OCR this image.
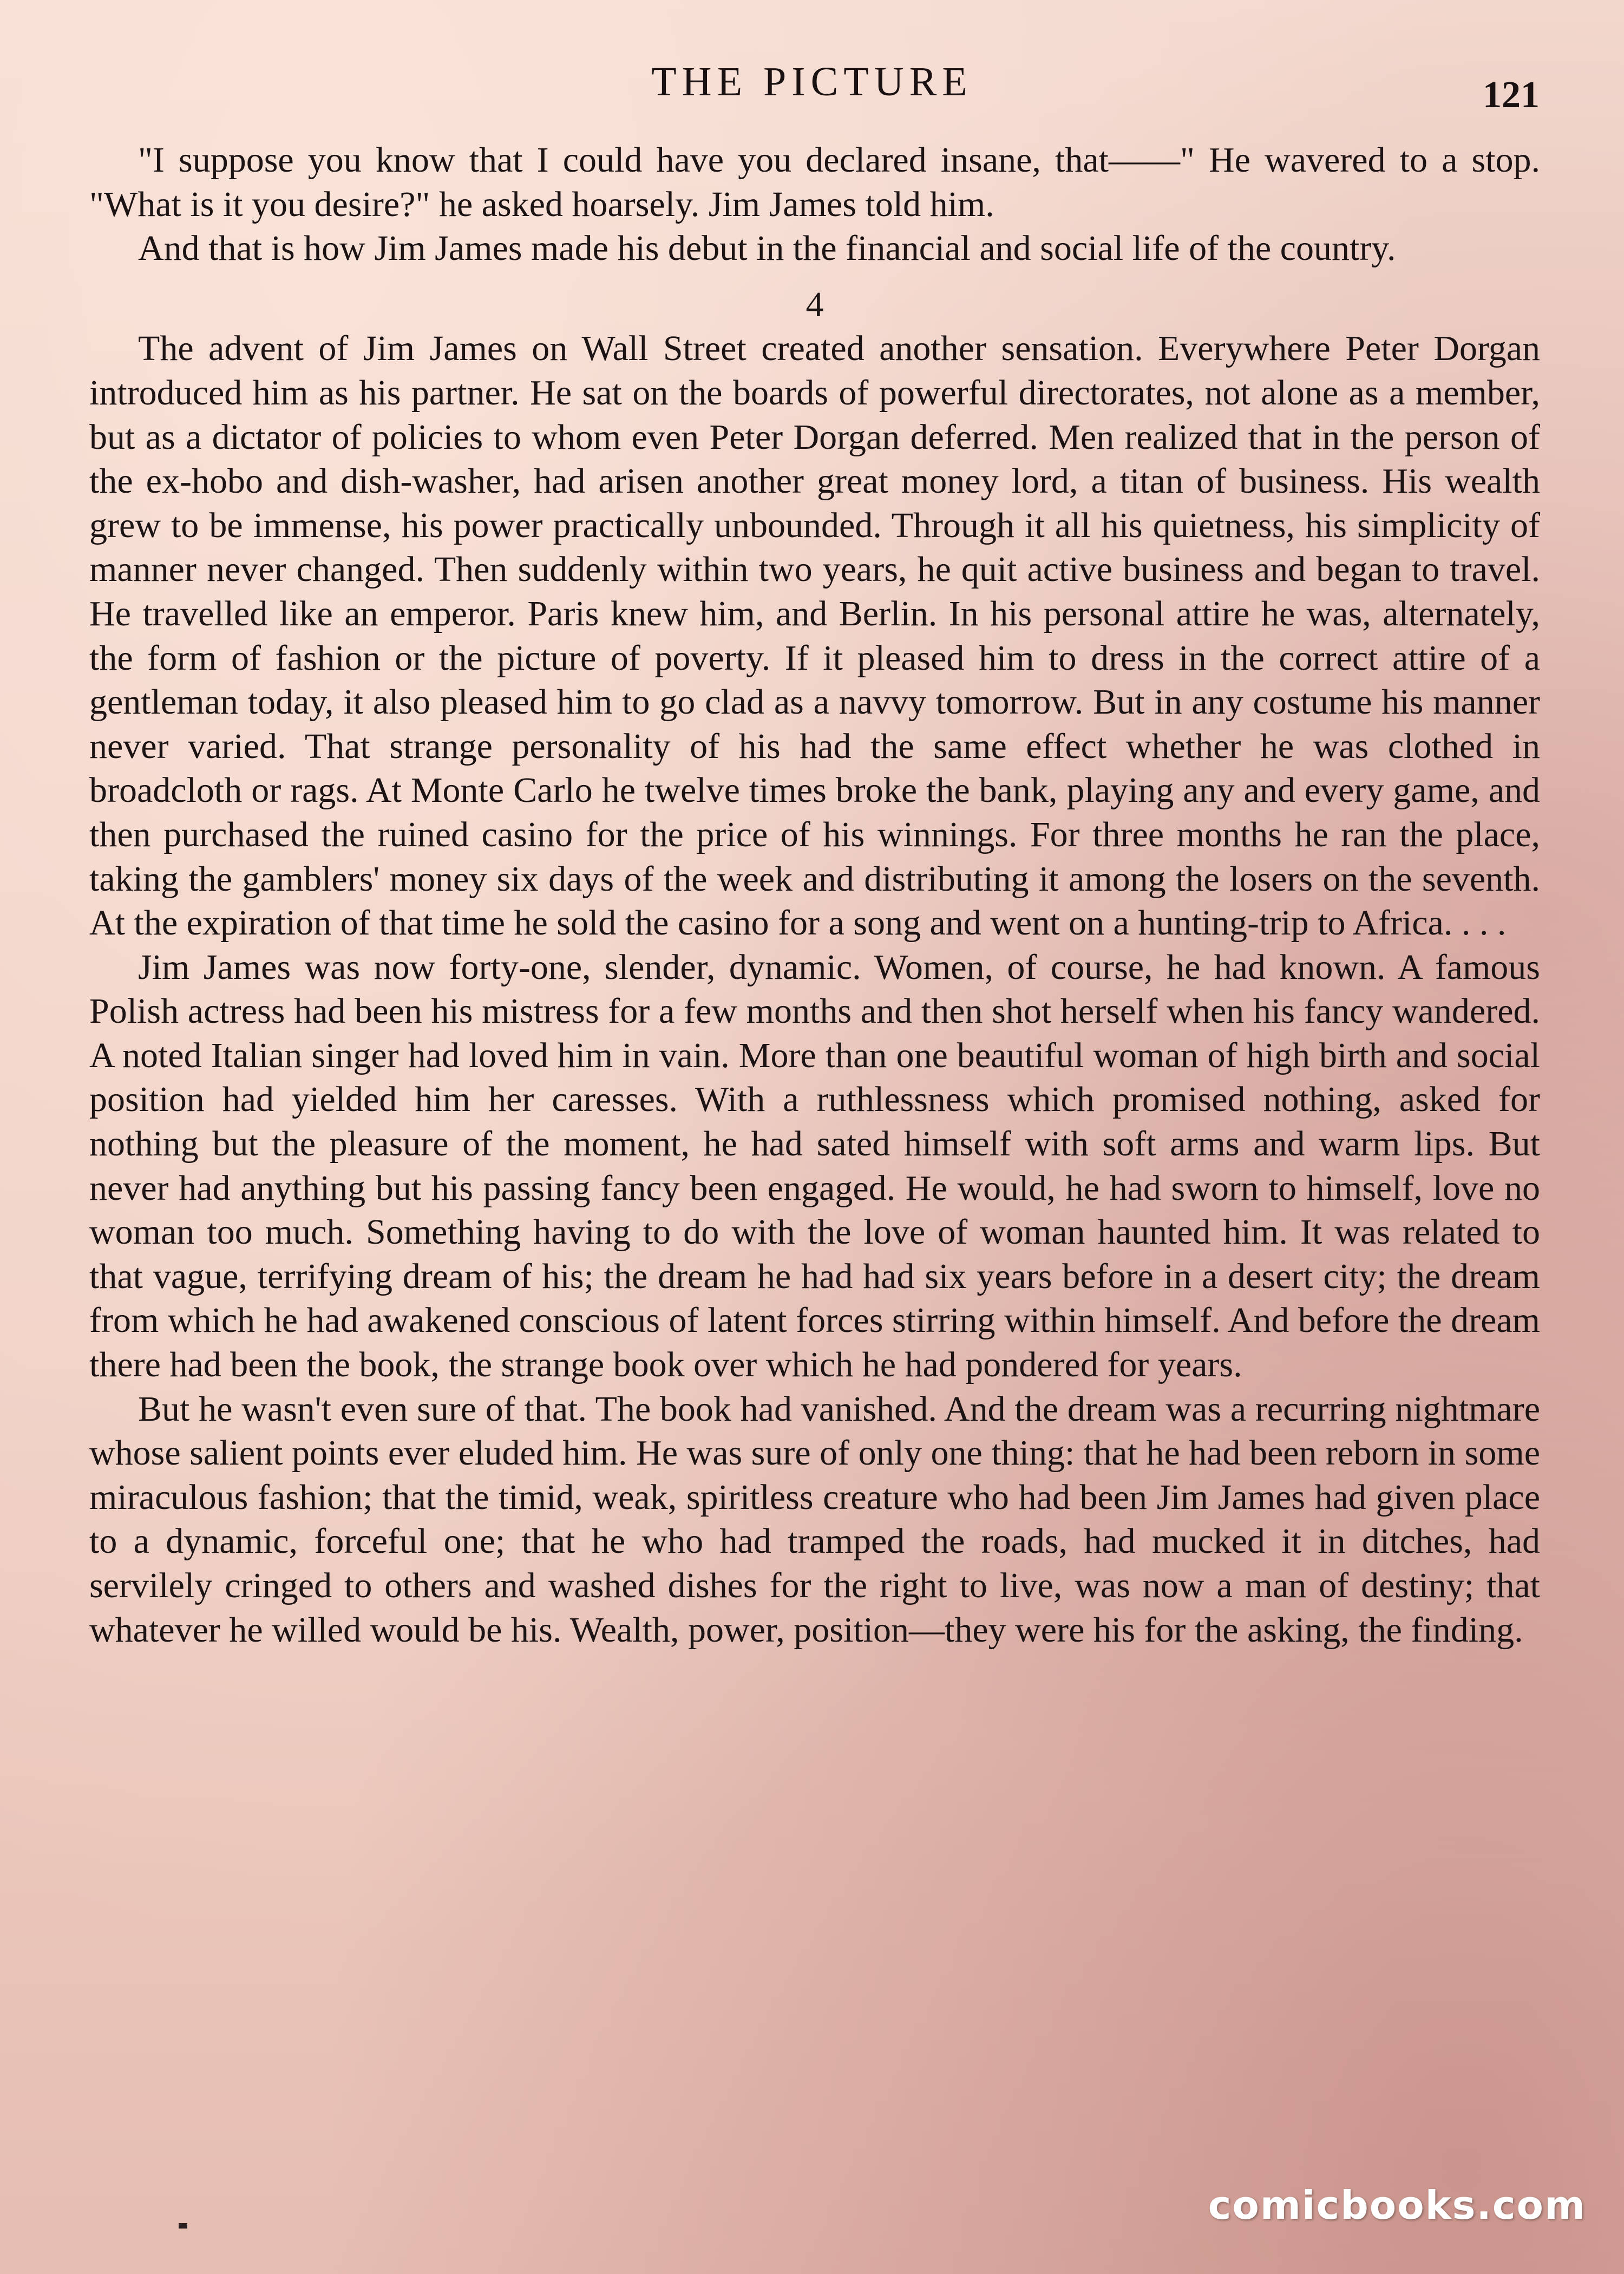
THE PICTURE	121

"I suppose you know that I could have you declared insane, that——" He wavered to a stop. "What is it you desire?" he asked hoarsely. Jim James told him.

And that is how Jim James made his debut in the financial and social life of the country.

4

The advent of Jim James on Wall Street created another sensation. Everywhere Peter Dorgan introduced him as his partner. He sat on the boards of powerful directorates, not alone as a member, but as a dictator of policies to whom even Peter Dorgan deferred. Men realized that in the person of the ex-hobo and dish-washer, had arisen another great money lord, a titan of business. His wealth grew to be immense, his power practically unbounded. Through it all his quietness, his simplicity of manner never changed. Then suddenly within two years, he quit active business and began to travel. He travelled like an emperor. Paris knew him, and Berlin. In his personal attire he was, alternately, the form of fashion or the picture of poverty. If it pleased him to dress in the correct attire of a gentleman today, it also pleased him to go clad as a navvy tomorrow. But in any costume his manner never varied. That strange personality of his had the same effect whether he was clothed in broadcloth or rags. At Monte Carlo he twelve times broke the bank, playing any and every game, and then purchased the ruined casino for the price of his winnings. For three months he ran the place, taking the gamblers' money six days of the week and distributing it among the losers on the seventh. At the expiration of that time he sold the casino for a song and went on a hunting-trip to Africa. . . .

Jim James was now forty-one, slender, dynamic. Women, of course, he had known. A famous Polish actress had been his mistress for a few months and then shot herself when his fancy wandered. A noted Italian singer had loved him in vain. More than one beautiful woman of high birth and social position had yielded him her caresses. With a ruthlessness which promised nothing, asked for nothing but the pleasure of the moment, he had sated himself with soft arms and warm lips. But never had anything but his passing fancy been engaged. He would, he had sworn to himself, love no woman too much. Something having to do with the love of woman haunted him. It was related to that vague, terrifying dream of his; the dream he had had six years before in a desert city; the dream from which he had awakened conscious of latent forces stirring within himself. And before the dream there had been the book, the strange book over which he had pondered for years.

But he wasn't even sure of that. The book had vanished. And the dream was a recurring nightmare whose salient points ever eluded him. He was sure of only one thing: that he had been reborn in some miraculous fashion; that the timid, weak, spiritless creature who had been Jim James had given place to a dynamic, forceful one; that he who had tramped the roads, had mucked it in ditches, had servilely cringed to others and washed dishes for the right to live, was now a man of destiny; that whatever he willed would be his. Wealth, power, position—they were his for the asking, the finding.

comicbooks.com
